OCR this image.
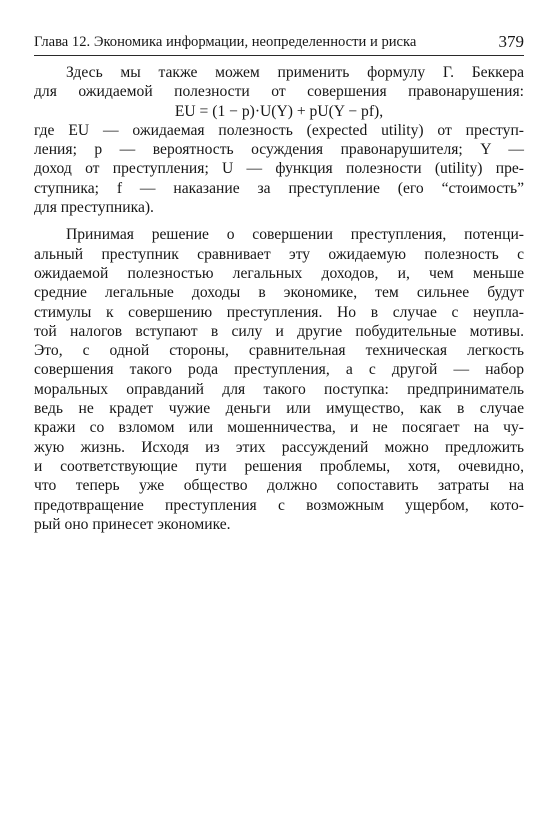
Глава 12. Экономика информации, неопределенности и риска	379
Здесь мы также можем применить формулу Г. Беккера
для ожидаемой полезности от совершения правонарушения:
EU = (1 − p)·U(Y) + pU(Y − pf),
где EU — ожидаемая полезность (expected utility) от преступ-
ления; p — вероятность осуждения правонарушителя; Y —
доход от преступления; U — функция полезности (utility) пре-
ступника; f — наказание за преступление (его “стоимость”
для преступника).
Принимая решение о совершении преступления, потенци-
альный преступник сравнивает эту ожидаемую полезность с
ожидаемой полезностью легальных доходов, и, чем меньше
средние легальные доходы в экономике, тем сильнее будут
стимулы к совершению преступления. Но в случае с неупла-
той налогов вступают в силу и другие побудительные мотивы.
Это, с одной стороны, сравнительная техническая легкость
совершения такого рода преступления, а с другой — набор
моральных оправданий для такого поступка: предприниматель
ведь не крадет чужие деньги или имущество, как в случае
кражи со взломом или мошенничества, и не посягает на чу-
жую жизнь. Исходя из этих рассуждений можно предложить
и соответствующие пути решения проблемы, хотя, очевидно,
что теперь уже общество должно сопоставить затраты на
предотвращение преступления с возможным ущербом, кото-
рый оно принесет экономике.
